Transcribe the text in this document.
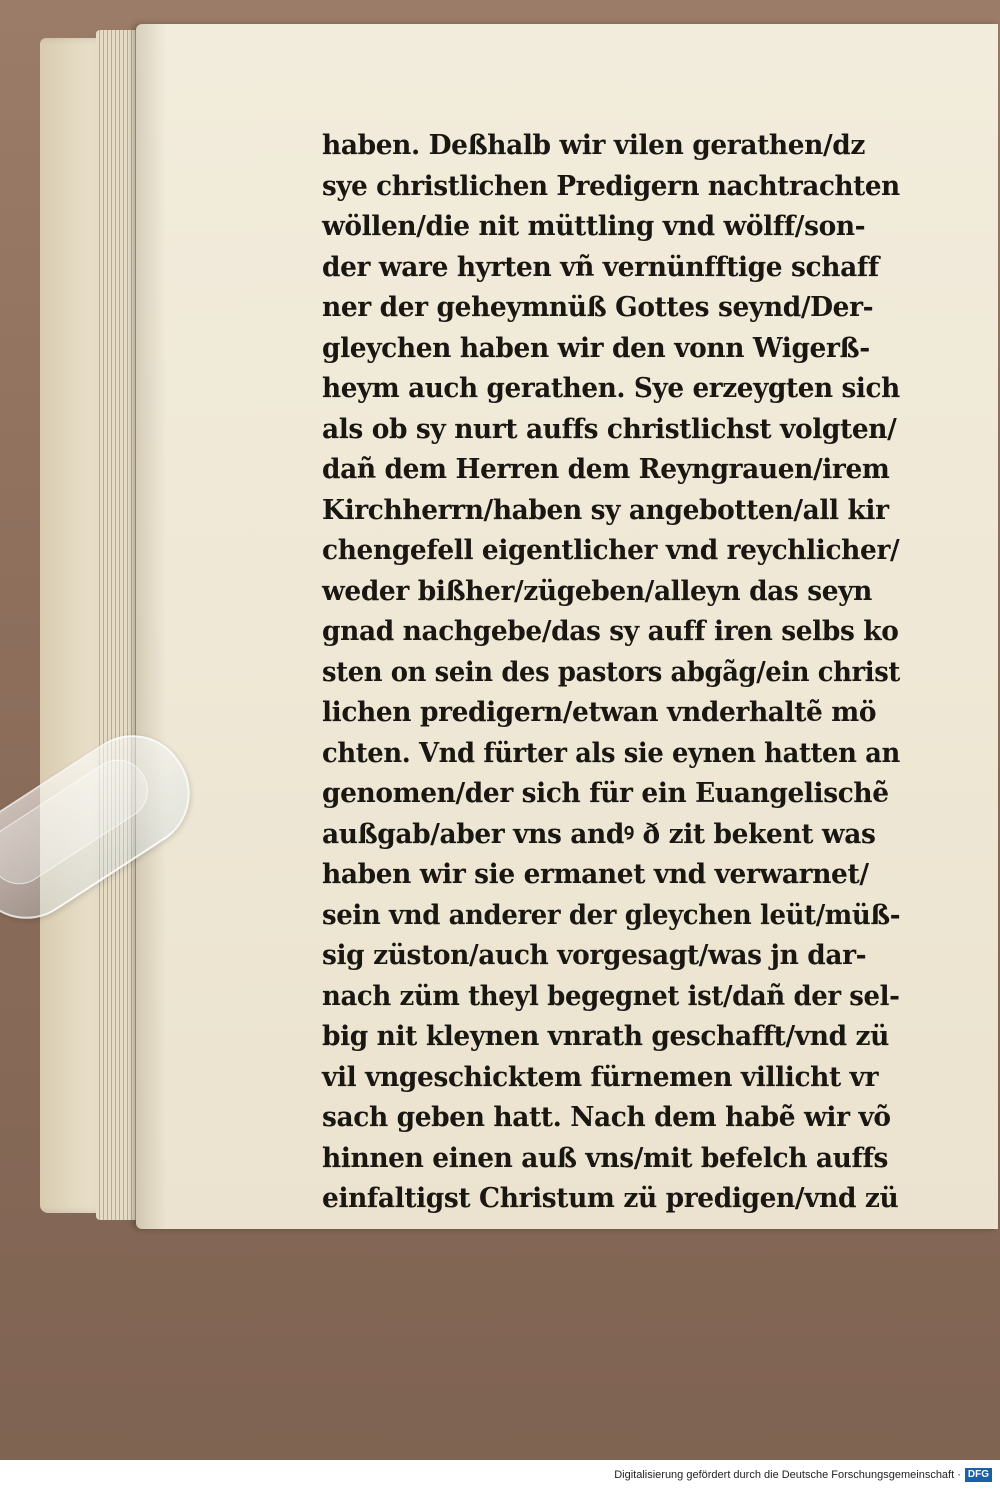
haben. Deßhalb wir vilen gerathen/dz
sye christlichen Predigern nachtrachten
wöllen/die nit müttling vnd wölff/son-
der ware hyrten vñ vernünfftige schaff
ner der geheymnüß Gottes seynd/Der-
gleychen haben wir den vonn Wigerß-
heym auch gerathen. Sye erzeygten sich
als ob sy nurt auffs christlichst volgten/
dañ dem Herren dem Reyngrauen/irem
Kirchherrn/haben sy angebotten/all kir
chengefell eigentlicher vnd reychlicher/
weder bißher/zügeben/alleyn das seyn
gnad nachgebe/das sy auff iren selbs ko
sten on sein des pastors abgãg/ein christ
lichen predigern/etwan vnderhaltẽ mö
chten. Vnd fürter als sie eynen hatten an
genomen/der sich für ein Euangelischẽ
außgab/aber vns andꝰ ð zit bekent was
haben wir sie ermanet vnd verwarnet/
sein vnd anderer der gleychen leüt/müß-
sig züston/auch vorgesagt/was jn dar-
nach züm theyl begegnet ist/dañ der sel-
big nit kleynen vnrath geschafft/vnd zü
vil vngeschicktem fürnemen villicht vr
sach geben hatt. Nach dem habẽ wir võ
hinnen einen auß vns/mit befelch auffs
einfaltigst Christum zü predigen/vnd zü
Digitalisierung gefördert durch die Deutsche Forschungsgemeinschaft · DFG
